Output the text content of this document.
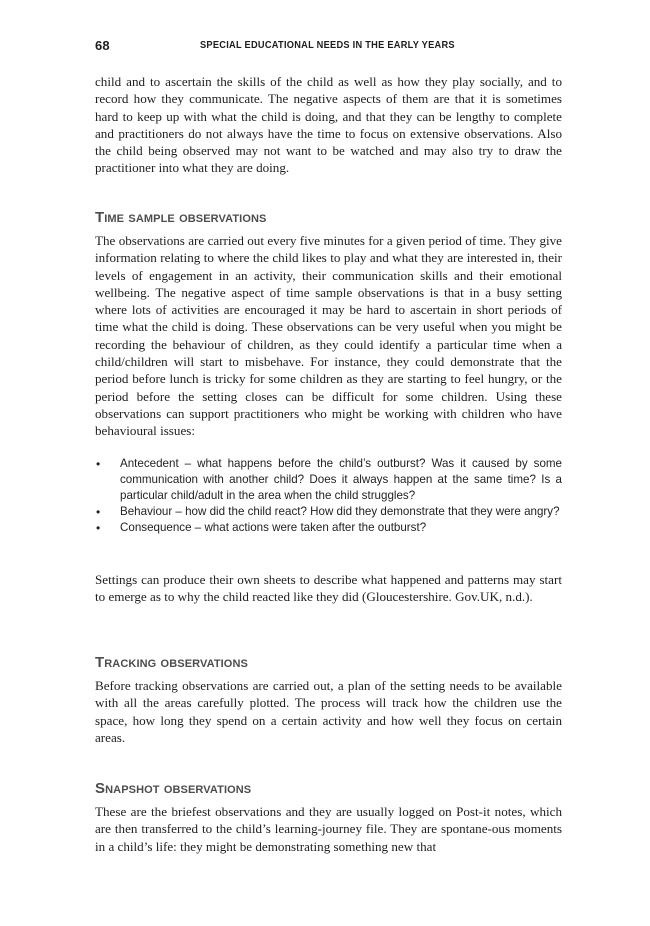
68	SPECIAL EDUCATIONAL NEEDS IN THE EARLY YEARS

child and to ascertain the skills of the child as well as how they play socially, and to record how they communicate. The negative aspects of them are that it is sometimes hard to keep up with what the child is doing, and that they can be lengthy to complete and practitioners do not always have the time to focus on extensive observations. Also the child being observed may not want to be watched and may also try to draw the practitioner into what they are doing.

Time sample observations

The observations are carried out every five minutes for a given period of time. They give information relating to where the child likes to play and what they are interested in, their levels of engagement in an activity, their communication skills and their emotional wellbeing. The negative aspect of time sample observations is that in a busy setting where lots of activities are encouraged it may be hard to ascertain in short periods of time what the child is doing. These observations can be very useful when you might be recording the behaviour of children, as they could identify a particular time when a child/children will start to misbehave. For instance, they could demonstrate that the period before lunch is tricky for some children as they are starting to feel hungry, or the period before the setting closes can be difficult for some children. Using these observations can support practitioners who might be working with children who have behavioural issues:

• Antecedent – what happens before the child’s outburst? Was it caused by some communication with another child? Does it always happen at the same time? Is a particular child/adult in the area when the child struggles?
• Behaviour – how did the child react? How did they demonstrate that they were angry?
• Consequence – what actions were taken after the outburst?

Settings can produce their own sheets to describe what happened and patterns may start to emerge as to why the child reacted like they did (Gloucestershire. Gov.UK, n.d.).

Tracking observations

Before tracking observations are carried out, a plan of the setting needs to be available with all the areas carefully plotted. The process will track how the children use the space, how long they spend on a certain activity and how well they focus on certain areas.

Snapshot observations

These are the briefest observations and they are usually logged on Post-it notes, which are then transferred to the child’s learning-journey file. They are spontane-ous moments in a child’s life: they might be demonstrating something new that
